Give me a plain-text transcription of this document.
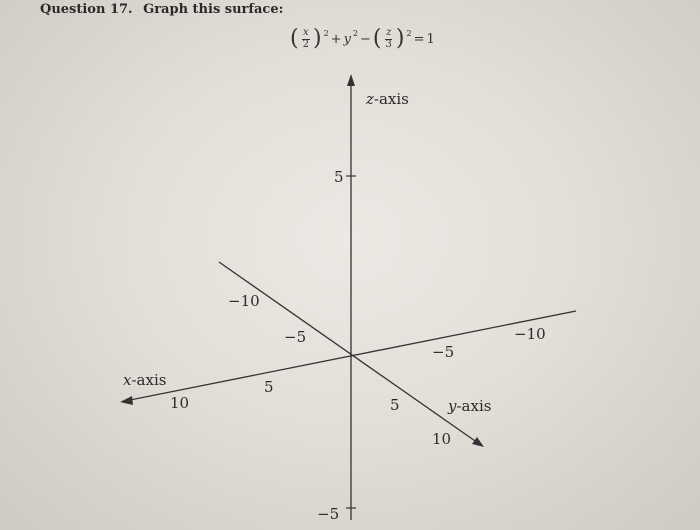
Question 17. Graph this surface:
( $\frac{x}{2}$ ) $^2$ + y $^2$ − ( $\frac{z}{3}$ ) $^2$ = 1
z-axis
x-axis
y-axis
5
−5
−10
−5
5
10
−5
−10
5
10
